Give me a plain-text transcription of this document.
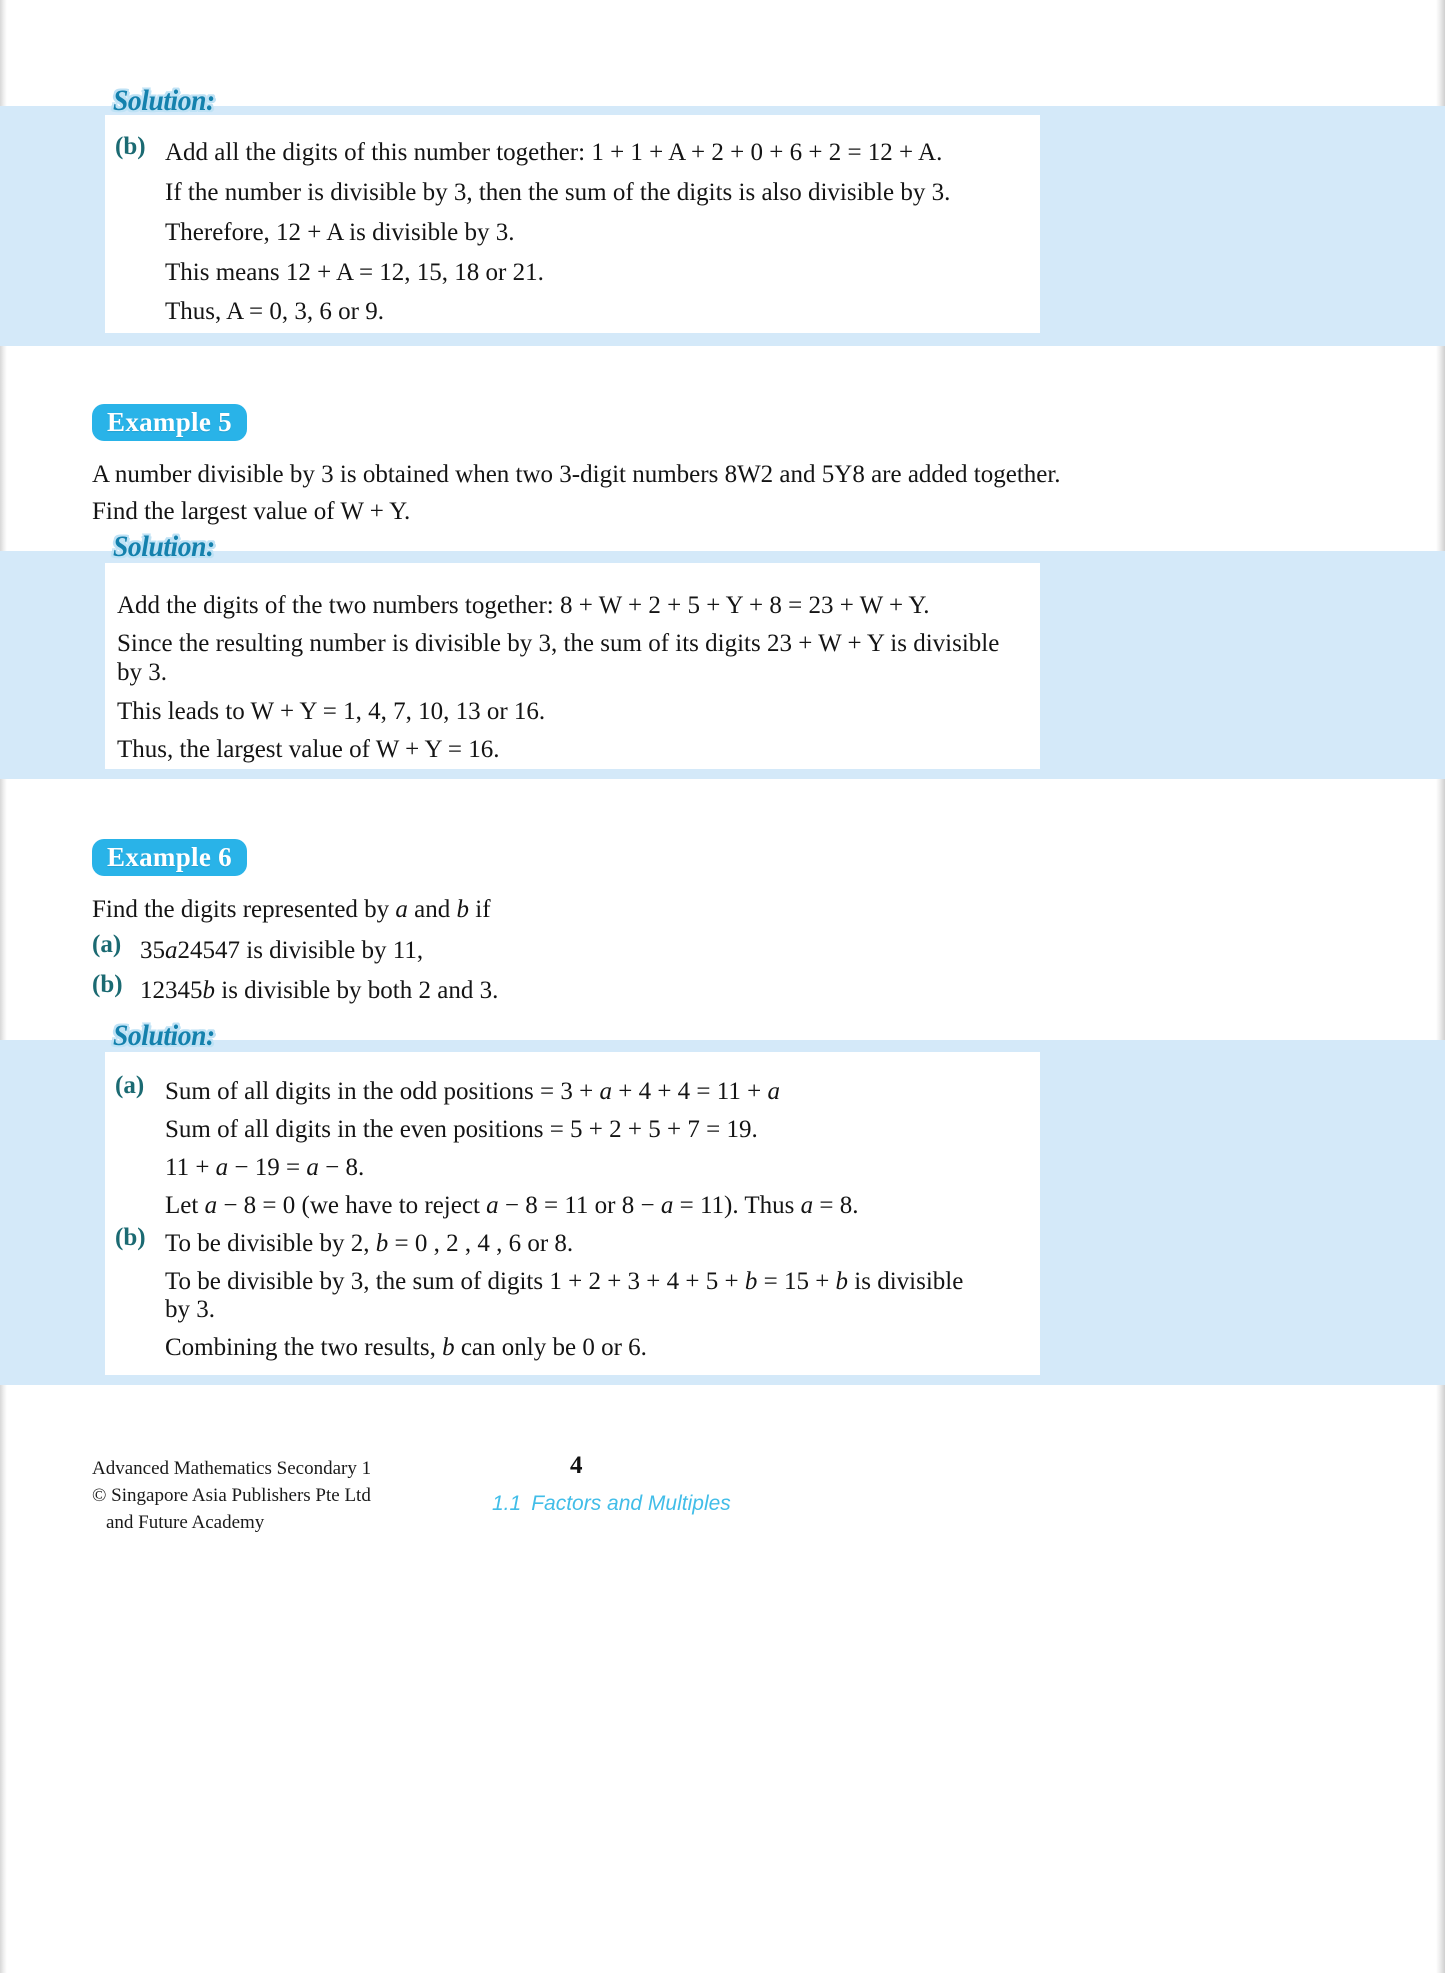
Solution:
(b) Add all the digits of this number together: 1 + 1 + A + 2 + 0 + 6 + 2 = 12 + A.
If the number is divisible by 3, then the sum of the digits is also divisible by 3.
Therefore, 12 + A is divisible by 3.
This means 12 + A = 12, 15, 18 or 21.
Thus, A = 0, 3, 6 or 9.
Example 5
A number divisible by 3 is obtained when two 3-digit numbers 8W2 and 5Y8 are added together.
Find the largest value of W + Y.
Solution:
Add the digits of the two numbers together: 8 + W + 2 + 5 + Y + 8 = 23 + W + Y.
Since the resulting number is divisible by 3, the sum of its digits 23 + W + Y is divisible
by 3.
This leads to W + Y = 1, 4, 7, 10, 13 or 16.
Thus, the largest value of W + Y = 16.
Example 6
Find the digits represented by a and b if
(a) 35a24547 is divisible by 11,
(b) 12345b is divisible by both 2 and 3.
Solution:
(a) Sum of all digits in the odd positions = 3 + a + 4 + 4 = 11 + a
Sum of all digits in the even positions = 5 + 2 + 5 + 7 = 19.
11 + a − 19 = a − 8.
Let a − 8 = 0 (we have to reject a − 8 = 11 or 8 − a = 11). Thus a = 8.
(b) To be divisible by 2, b = 0 , 2 , 4 , 6 or 8.
To be divisible by 3, the sum of digits 1 + 2 + 3 + 4 + 5 + b = 15 + b is divisible
by 3.
Combining the two results, b can only be 0 or 6.
Advanced Mathematics Secondary 1
© Singapore Asia Publishers Pte Ltd
and Future Academy
4
1.1 Factors and Multiples
